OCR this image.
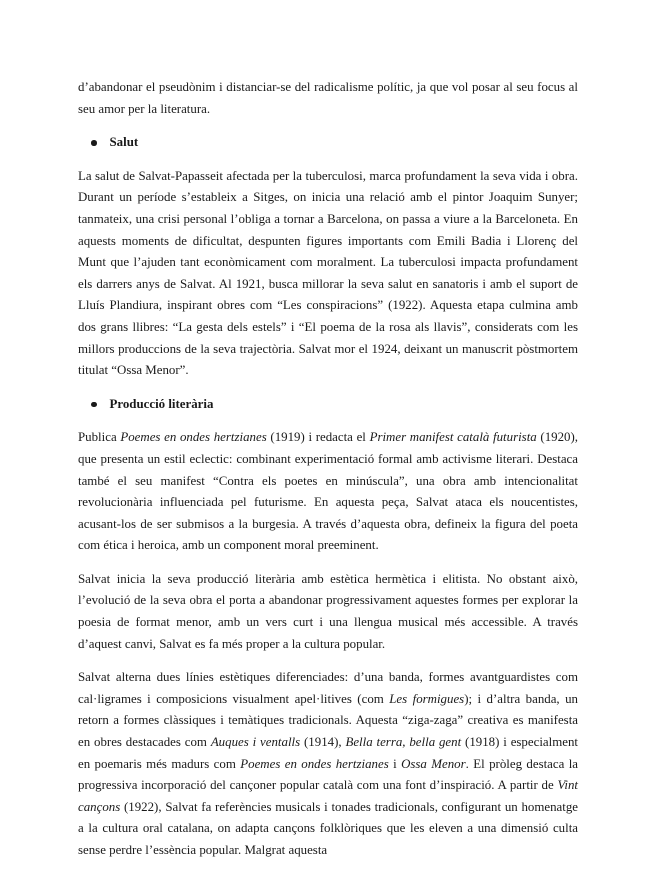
d’abandonar el pseudònim i distanciar-se del radicalisme polític, ja que vol posar al seu focus al seu amor per la literatura.

Salut

La salut de Salvat-Papasseit afectada per la tuberculosi, marca profundament la seva vida i obra. Durant un període s’estableix a Sitges, on inicia una relació amb el pintor Joaquim Sunyer; tanmateix, una crisi personal l’obliga a tornar a Barcelona, on passa a viure a la Barceloneta. En aquests moments de dificultat, despunten figures importants com Emili Badia i Llorenç del Munt que l’ajuden tant econòmicament com moralment. La tuberculosi impacta profundament els darrers anys de Salvat. Al 1921, busca millorar la seva salut en sanatoris i amb el suport de Lluís Plandiura, inspirant obres com “Les conspiracions” (1922). Aquesta etapa culmina amb dos grans llibres: “La gesta dels estels” i “El poema de la rosa als llavis”, considerats com les millors produccions de la seva trajectòria. Salvat mor el 1924, deixant un manuscrit pòstmortem titulat “Ossa Menor”.

Producció literària

Publica Poemes en ondes hertzianes (1919) i redacta el Primer manifest català futurista (1920), que presenta un estil eclectic: combinant experimentació formal amb activisme literari. Destaca també el seu manifest “Contra els poetes en minúscula”, una obra amb intencionalitat revolucionària influenciada pel futurisme. En aquesta peça, Salvat ataca els noucentistes, acusant-los de ser submisos a la burgesia. A través d’aquesta obra, defineix la figura del poeta com ética i heroica, amb un component moral preeminent.

Salvat inicia la seva producció literària amb estètica hermètica i elitista. No obstant això, l’evolució de la seva obra el porta a abandonar progressivament aquestes formes per explorar la poesia de format menor, amb un vers curt i una llengua musical més accessible. A través d’aquest canvi, Salvat es fa més proper a la cultura popular.

Salvat alterna dues línies estètiques diferenciades: d’una banda, formes avantguardistes com cal·ligrames i composicions visualment apel·litives (com Les formigues); i d’altra banda, un retorn a formes clàssiques i temàtiques tradicionals. Aquesta “ziga-zaga” creativa es manifesta en obres destacades com Auques i ventalls (1914), Bella terra, bella gent (1918) i especialment en poemaris més madurs com Poemes en ondes hertzianes i Ossa Menor. El pròleg destaca la progressiva incorporació del cançoner popular català com una font d’inspiració. A partir de Vint cançons (1922), Salvat fa referències musicals i tonades tradicionals, configurant un homenatge a la cultura oral catalana, on adapta cançons folklòriques que les eleven a una dimensió culta sense perdre l’essència popular. Malgrat aquesta
